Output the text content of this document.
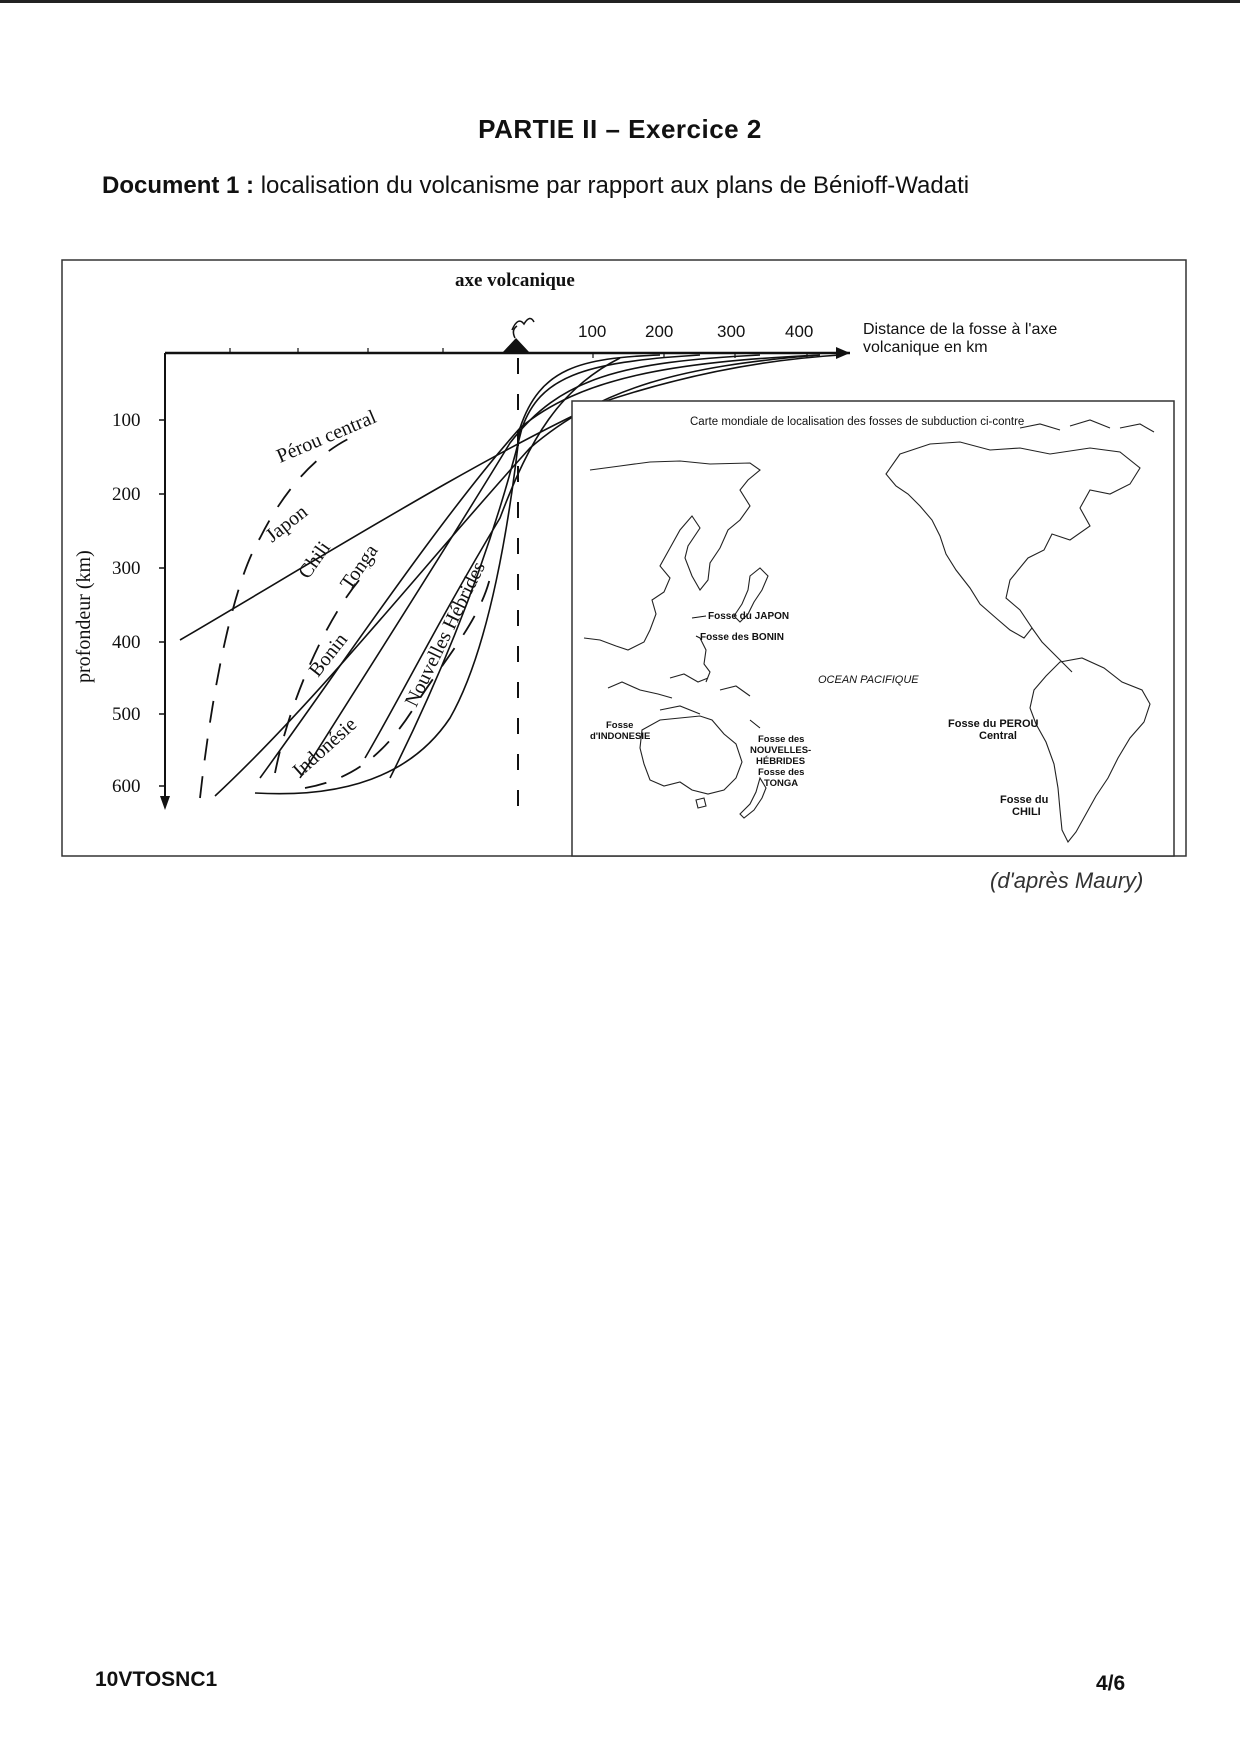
PARTIE II – Exercice 2
Document 1 : localisation du volcanisme par rapport aux plans de Bénioff-Wadati
axe volcanique
100 200	300 400	Distance de la fosse à l'axe
volcanique en km
100
200
300
400
500
600
profondeur (km)
Pérou central
Japon
Chili Tonga
Bonin Nouvelles Hébrides
Indonésie
Carte mondiale de localisation des fosses de subduction ci-contre
Fosse du JAPON
Fosse des BONIN
OCEAN PACIFIQUE
Fosse
d'INDONESIE	Fosse des
NOUVELLES-
HÉBRIDES
Fosse des
TONGA
Fosse du PEROU
Central
Fosse du
CHILI
(d'après Maury)
10VTOSNC1	4/6
